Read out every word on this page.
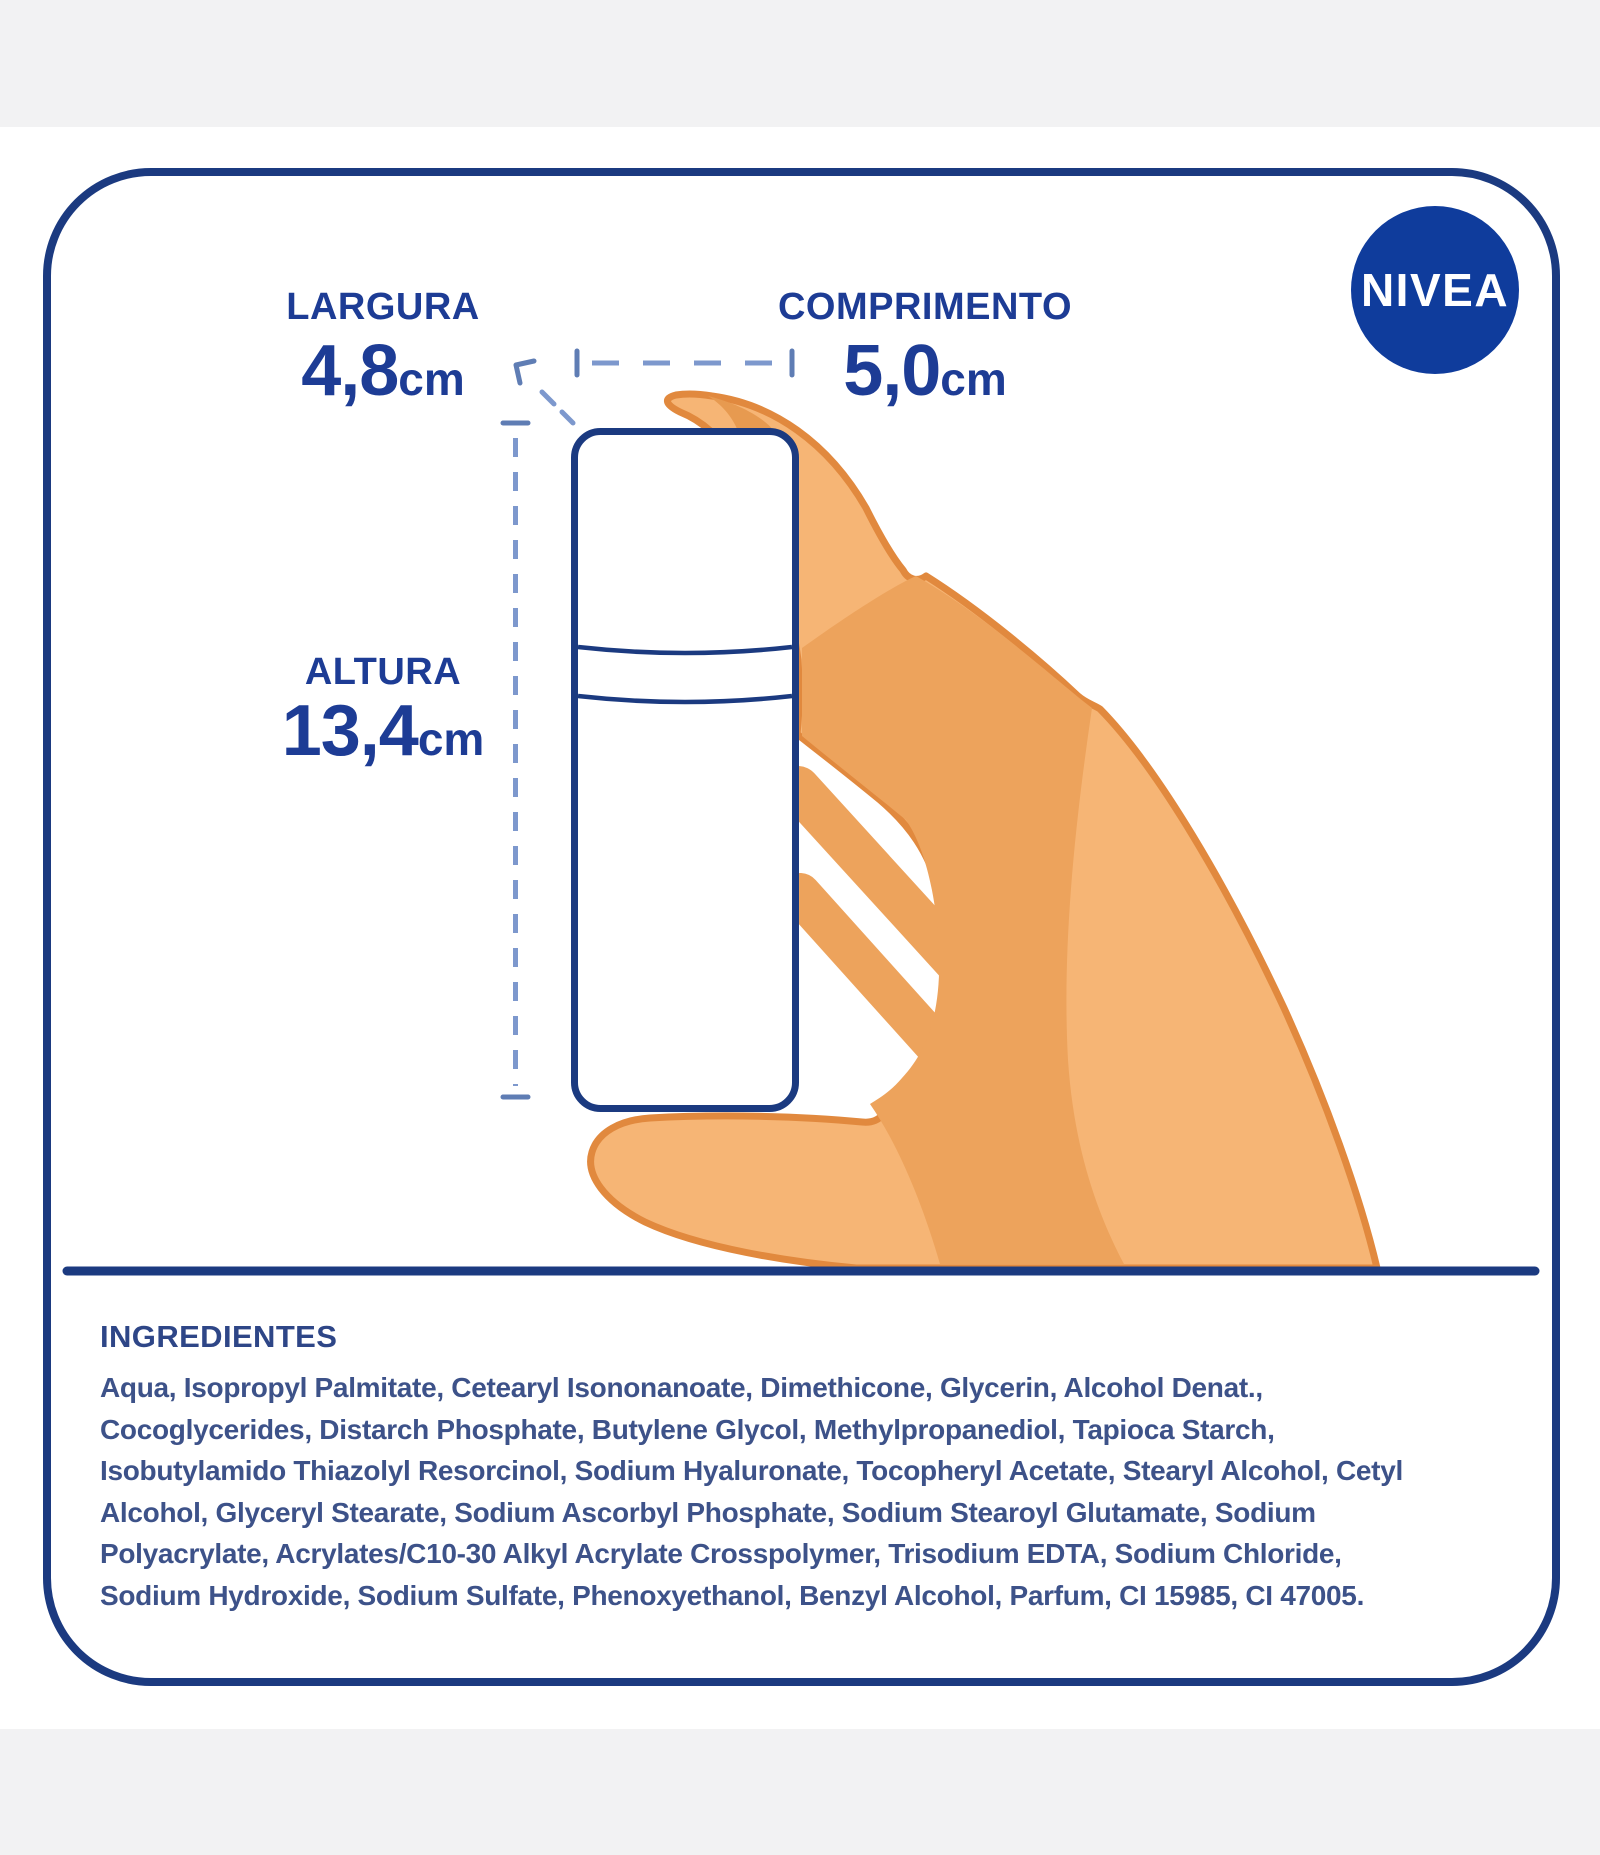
LARGURA
4,8cm
COMPRIMENTO
5,0cm
ALTURA
13,4cm
NIVEA
INGREDIENTES
Aqua, Isopropyl Palmitate, Cetearyl Isononanoate, Dimethicone, Glycerin, Alcohol Denat.,
Cocoglycerides, Distarch Phosphate, Butylene Glycol, Methylpropanediol, Tapioca Starch,
Isobutylamido Thiazolyl Resorcinol, Sodium Hyaluronate, Tocopheryl Acetate, Stearyl Alcohol, Cetyl
Alcohol, Glyceryl Stearate, Sodium Ascorbyl Phosphate, Sodium Stearoyl Glutamate, Sodium
Polyacrylate, Acrylates/C10-30 Alkyl Acrylate Crosspolymer, Trisodium EDTA, Sodium Chloride,
Sodium Hydroxide, Sodium Sulfate, Phenoxyethanol, Benzyl Alcohol, Parfum, CI 15985, CI 47005.
